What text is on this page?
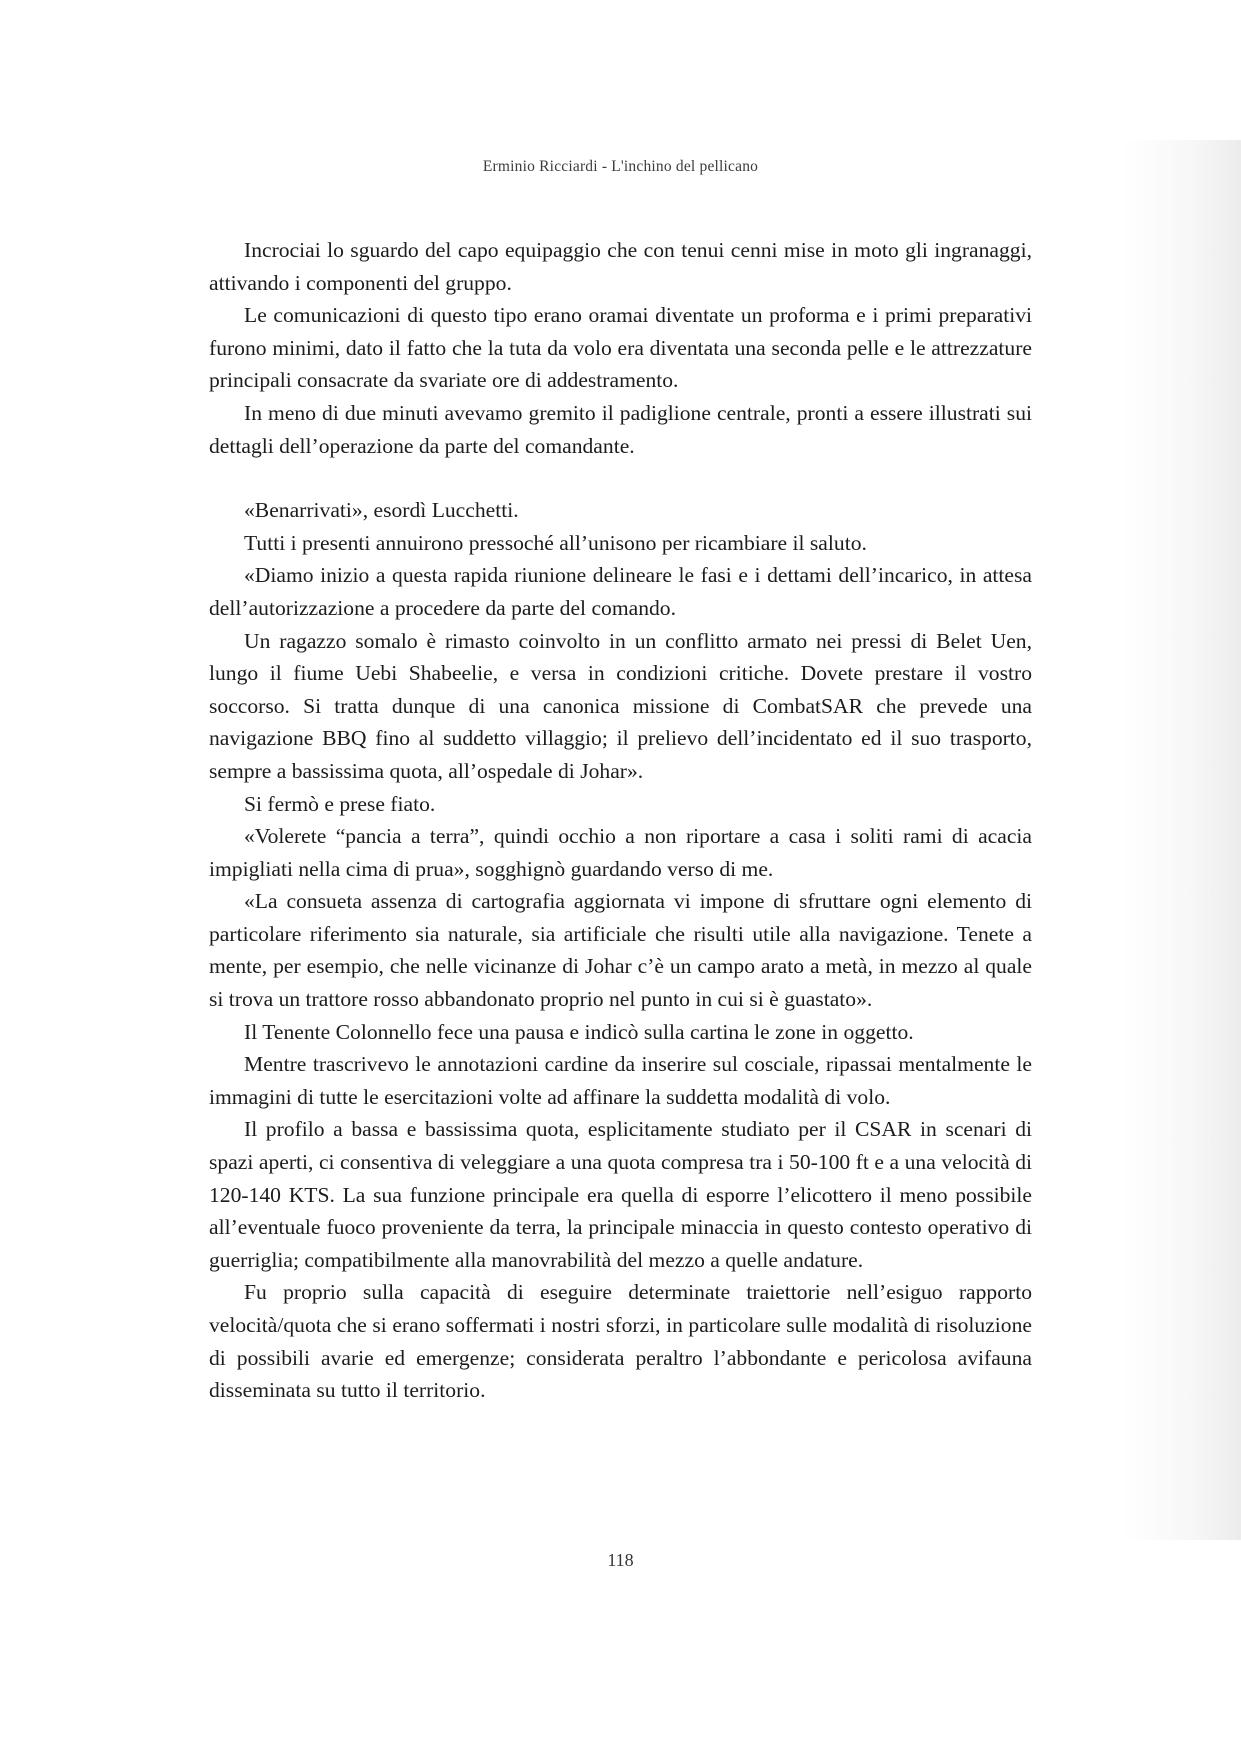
Erminio Ricciardi - L'inchino del pellicano

Incrociai lo sguardo del capo equipaggio che con tenui cenni mise in moto gli ingranaggi, attivando i componenti del gruppo.

Le comunicazioni di questo tipo erano oramai diventate un proforma e i primi preparativi furono minimi, dato il fatto che la tuta da volo era diventata una seconda pelle e le attrezzature principali consacrate da svariate ore di addestramento.

In meno di due minuti avevamo gremito il padiglione centrale, pronti a essere illustrati sui dettagli dell’operazione da parte del comandante.

«Benarrivati», esordì Lucchetti.

Tutti i presenti annuirono pressoché all’unisono per ricambiare il saluto.

«Diamo inizio a questa rapida riunione delineare le fasi e i dettami dell’incarico, in attesa dell’autorizzazione a procedere da parte del comando.

Un ragazzo somalo è rimasto coinvolto in un conflitto armato nei pressi di Belet Uen, lungo il fiume Uebi Shabeelie, e versa in condizioni critiche. Dovete prestare il vostro soccorso. Si tratta dunque di una canonica missione di CombatSAR che prevede una navigazione BBQ fino al suddetto villaggio; il prelievo dell’incidentato ed il suo trasporto, sempre a bassissima quota, all’ospedale di Johar».

Si fermò e prese fiato.

«Volerete “pancia a terra”, quindi occhio a non riportare a casa i soliti rami di acacia impigliati nella cima di prua», sogghignò guardando verso di me.

«La consueta assenza di cartografia aggiornata vi impone di sfruttare ogni elemento di particolare riferimento sia naturale, sia artificiale che risulti utile alla navigazione. Tenete a mente, per esempio, che nelle vicinanze di Johar c’è un campo arato a metà, in mezzo al quale si trova un trattore rosso abbandonato proprio nel punto in cui si è guastato».

Il Tenente Colonnello fece una pausa e indicò sulla cartina le zone in oggetto.

Mentre trascrivevo le annotazioni cardine da inserire sul cosciale, ripassai mentalmente le immagini di tutte le esercitazioni volte ad affinare la suddetta modalità di volo.

Il profilo a bassa e bassissima quota, esplicitamente studiato per il CSAR in scenari di spazi aperti, ci consentiva di veleggiare a una quota compresa tra i 50-100 ft e a una velocità di 120-140 KTS. La sua funzione principale era quella di esporre l’elicottero il meno possibile all’eventuale fuoco proveniente da terra, la principale minaccia in questo contesto operativo di guerriglia; compatibilmente alla manovrabilità del mezzo a quelle andature.

Fu proprio sulla capacità di eseguire determinate traiettorie nell’esiguo rapporto velocità/quota che si erano soffermati i nostri sforzi, in particolare sulle modalità di risoluzione di possibili avarie ed emergenze; considerata peraltro l’abbondante e pericolosa avifauna disseminata su tutto il territorio.

118
